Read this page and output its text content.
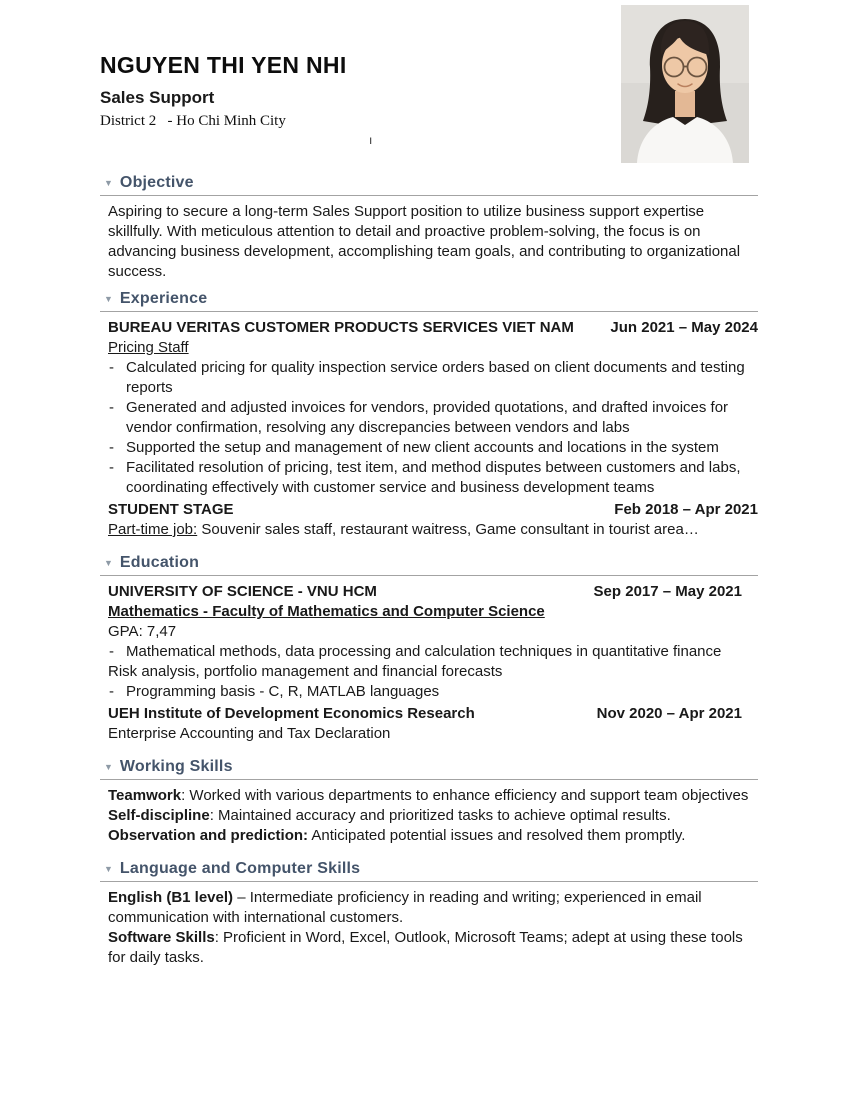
ı
NGUYEN THI YEN NHI
Sales Support
District 2   - Ho Chi Minh City
▼ Objective

Aspiring to secure a long-term Sales Support position to utilize business support expertise skillfully. With meticulous attention to detail and proactive problem-solving, the focus is on advancing business development, accomplishing team goals, and contributing to organizational success.

▼ Experience
BUREAU VERITAS CUSTOMER PRODUCTS SERVICES VIET NAM Jun 2021 – May 2024
Pricing Staff
- Calculated pricing for quality inspection service orders based on client documents and testing reports
- Generated and adjusted invoices for vendors, provided quotations, and drafted invoices for vendor confirmation, resolving any discrepancies between vendors and labs
- Supported the setup and management of new client accounts and locations in the system
- Facilitated resolution of pricing, test item, and method disputes between customers and labs, coordinating effectively with customer service and business development teams
STUDENT STAGE	Feb 2018 – Apr 2021

Part-time job: Souvenir sales staff, restaurant waitress, Game consultant in tourist area…

▼ Education
UNIVERSITY OF SCIENCE - VNU HCM	Sep 2017 – May 2021
Mathematics - Faculty of Mathematics and Computer Science
GPA: 7,47
- Mathematical methods, data processing and calculation techniques in quantitative finance
Risk analysis, portfolio management and financial forecasts
- Programming basis - C, R, MATLAB languages
UEH Institute of Development Economics Research	Nov 2020 – Apr 2021
Enterprise Accounting and Tax Declaration
▼ Working Skills

Teamwork: Worked with various departments to enhance efficiency and support team objectives

Self-discipline: Maintained accuracy and prioritized tasks to achieve optimal results.

Observation and prediction: Anticipated potential issues and resolved them promptly.

▼ Language and Computer Skills

English (B1 level) – Intermediate proficiency in reading and writing; experienced in email communication with international customers.

Software Skills: Proficient in Word, Excel, Outlook, Microsoft Teams; adept at using these tools for daily tasks.
